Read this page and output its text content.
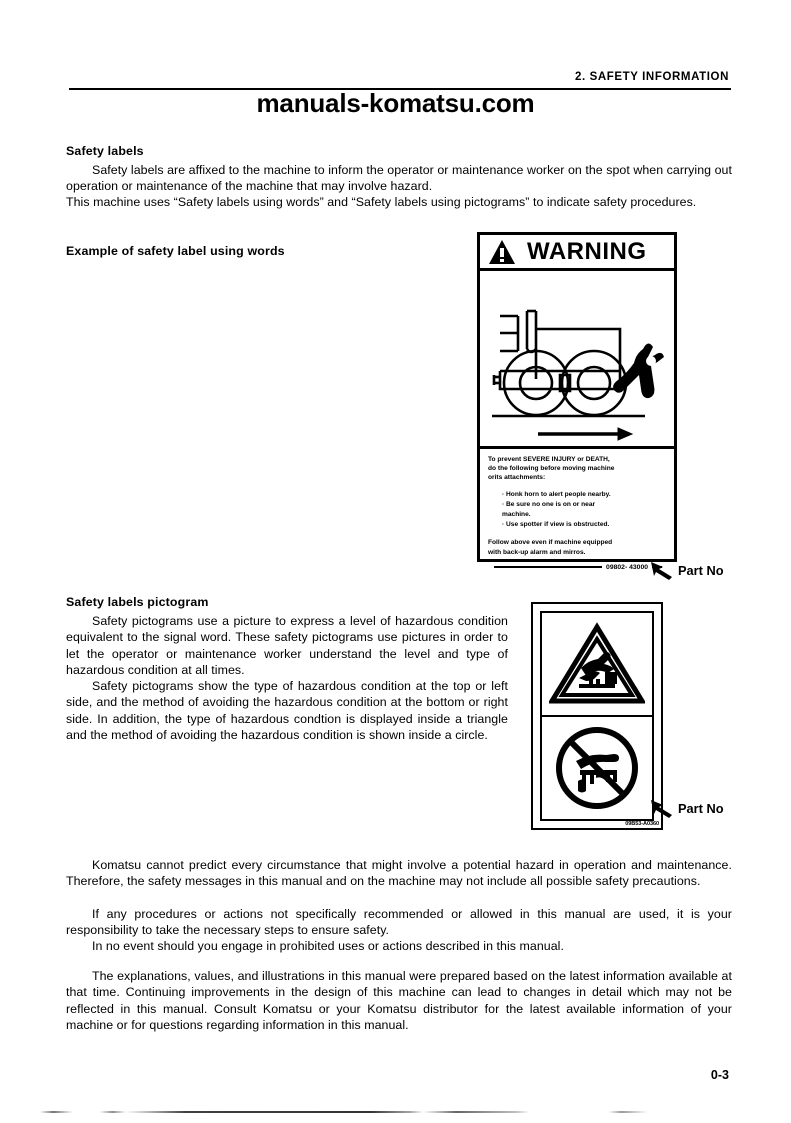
2. SAFETY INFORMATION
manuals-komatsu.com
Safety labels
Safety labels are affixed to the machine to inform the operator or maintenance worker on the spot when carrying out operation or maintenance of the machine that may involve hazard.
This machine uses “Safety labels using words” and “Safety labels using pictograms” to indicate safety procedures.
Example of safety label using words	WARNING
To prevent SEVERE INJURY or DEATH,
do the following before moving machine
orits attachments:
· Honk horn to alert people nearby.
· Be sure no one is on or near
machine.
· Use spotter if view is obstructed.
Follow above even if machine equipped
with back-up alarm and mirros.
09802- 43000	Part No
Safety labels pictogram
Safety pictograms use a picture to express a level of hazardous condition equivalent to the signal word. These safety pictograms use pictures in order to let the operator or maintenance worker understand the level and type of hazardous condition at all times.
Safety pictograms show the type of hazardous condition at the top or left side, and the method of avoiding the hazardous condition at the bottom or right side. In addition, the type of hazardous condtion is displayed inside a triangle and the method of avoiding the hazardous condition is shown inside a circle.
09B53-A0360
Part No
Komatsu cannot predict every circumstance that might involve a potential hazard in operation and maintenance. Therefore, the safety messages in this manual and on the machine may not include all possible safety precautions.
If any procedures or actions not specifically recommended or allowed in this manual are used, it is your responsibility to take the necessary steps to ensure safety.
In no event should you engage in prohibited uses or actions described in this manual.
The explanations, values, and illustrations in this manual were prepared based on the latest information available at that time. Continuing improvements in the design of this machine can lead to changes in detail which may not be reflected in this manual. Consult Komatsu or your Komatsu distributor for the latest available information of your machine or for questions regarding information in this manual.
0-3
